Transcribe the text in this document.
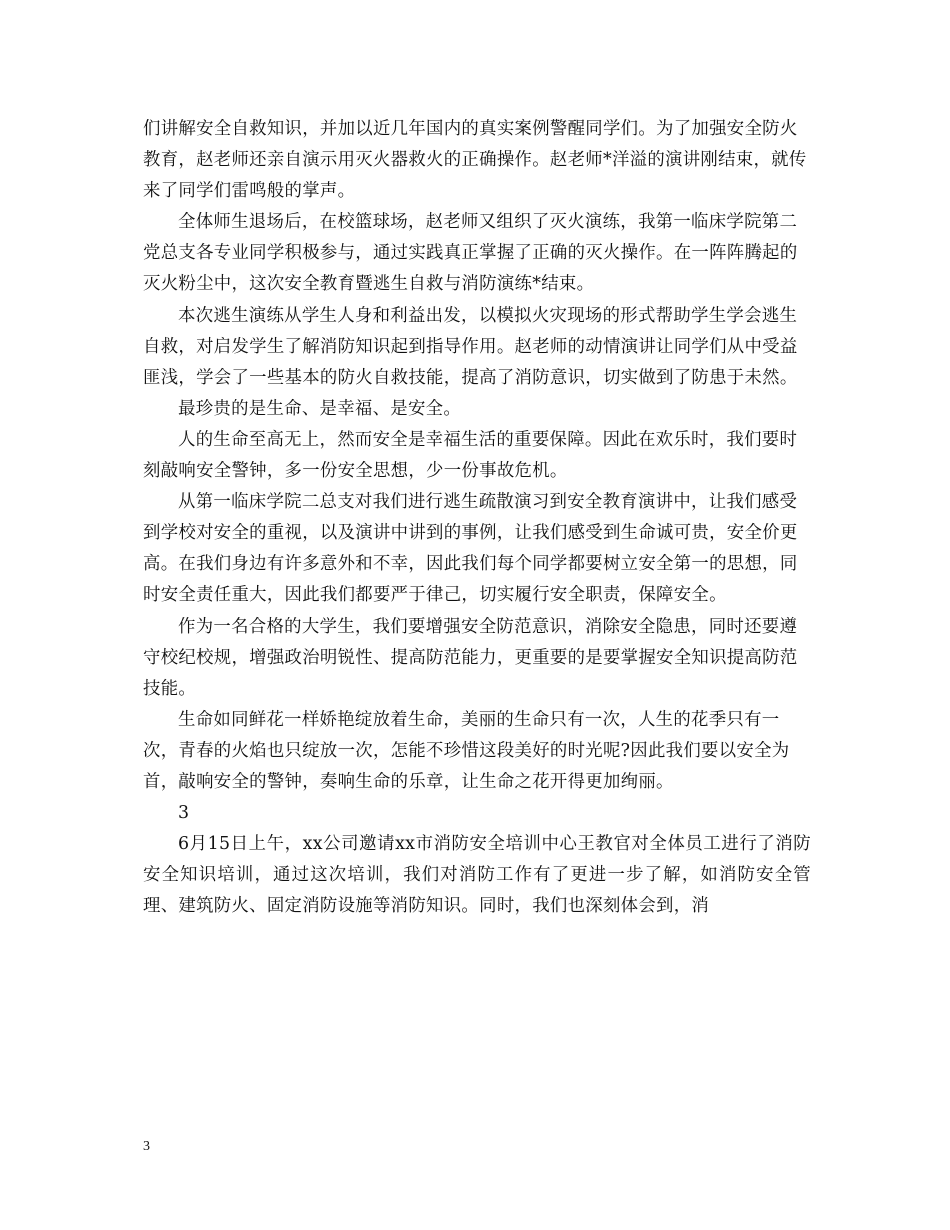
们讲解安全自救知识，并加以近几年国内的真实案例警醒同学们。为了加强安全防火教育，赵老师还亲自演示用灭火器救火的正确操作。赵老师*洋溢的演讲刚结束，就传来了同学们雷鸣般的掌声。

全体师生退场后，在校篮球场，赵老师又组织了灭火演练，我第一临床学院第二党总支各专业同学积极参与，通过实践真正掌握了正确的灭火操作。在一阵阵腾起的灭火粉尘中，这次安全教育暨逃生自救与消防演练*结束。

本次逃生演练从学生人身和利益出发，以模拟火灾现场的形式帮助学生学会逃生自救，对启发学生了解消防知识起到指导作用。赵老师的动情演讲让同学们从中受益匪浅，学会了一些基本的防火自救技能，提高了消防意识，切实做到了防患于未然。

最珍贵的是生命、是幸福、是安全。

人的生命至高无上，然而安全是幸福生活的重要保障。因此在欢乐时，我们要时刻敲响安全警钟，多一份安全思想，少一份事故危机。

从第一临床学院二总支对我们进行逃生疏散演习到安全教育演讲中，让我们感受到学校对安全的重视，以及演讲中讲到的事例，让我们感受到生命诚可贵，安全价更高。在我们身边有许多意外和不幸，因此我们每个同学都要树立安全第一的思想，同时安全责任重大，因此我们都要严于律己，切实履行安全职责，保障安全。

作为一名合格的大学生，我们要增强安全防范意识，消除安全隐患，同时还要遵守校纪校规，增强政治明锐性、提高防范能力，更重要的是要掌握安全知识提高防范技能。

生命如同鲜花一样娇艳绽放着生命，美丽的生命只有一次，人生的花季只有一次，青春的火焰也只绽放一次，怎能不珍惜这段美好的时光呢?因此我们要以安全为首，敲响安全的警钟，奏响生命的乐章，让生命之花开得更加绚丽。

3

6月15日上午，xx公司邀请xx市消防安全培训中心王教官对全体员工进行了消防安全知识培训，通过这次培训，我们对消防工作有了更进一步了解，如消防安全管理、建筑防火、固定消防设施等消防知识。同时，我们也深刻体会到，消

3
